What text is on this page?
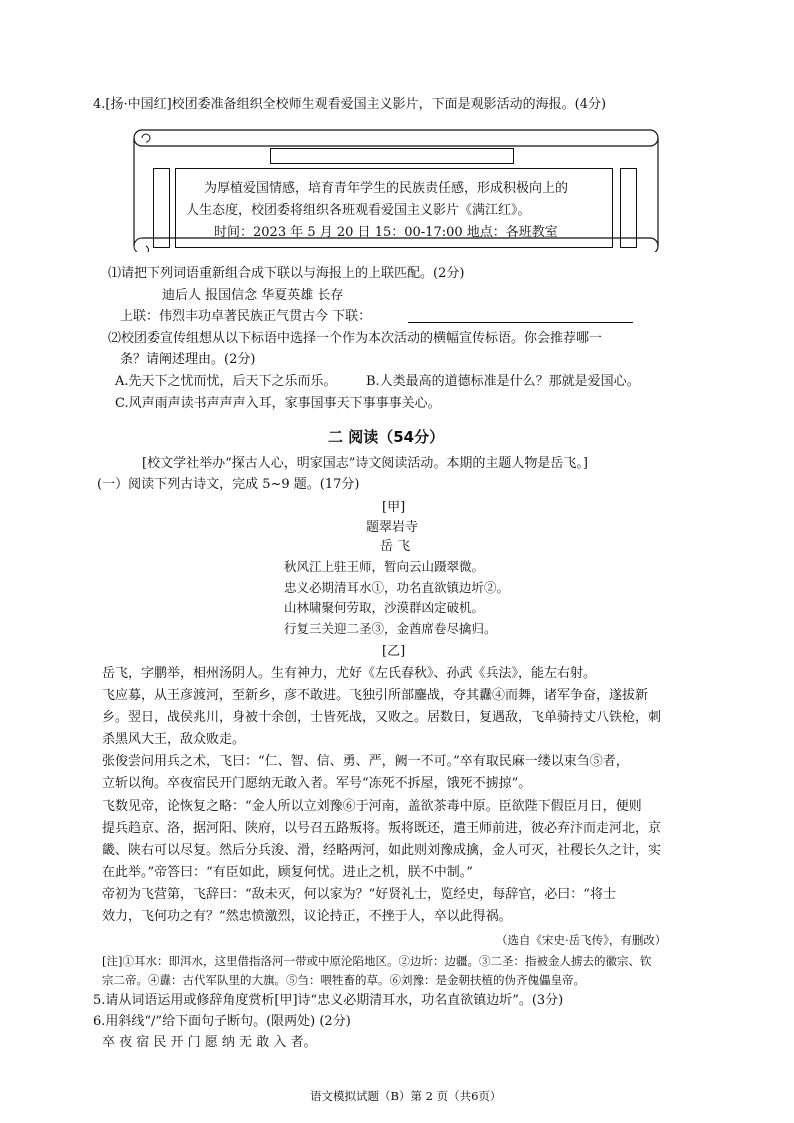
4.[扬·中国红]校团委准备组织全校师生观看爱国主义影片，下面是观影活动的海报。(4分)
为厚植爱国情感，培育青年学生的民族责任感，形成积极向上的
人生态度，校团委将组织各班观看爱国主义影片《满江红》。
时间：2023 年 5 月 20 日 15：00-17:00 地点：各班教室
⑴请把下列词语重新组合成下联以与海报上的上联匹配。(2分)
迪后人 报国信念 华夏英雄 长存
上联：伟烈丰功卓著民族正气贯古今 下联：
⑵校团委宣传组想从以下标语中选择一个作为本次活动的横幅宣传标语。你会推荐哪一
条？请阐述理由。(2分)
A.先天下之忧而忧，后天下之乐而乐。 B.人类最高的道德标准是什么？那就是爱国心。
C.风声雨声读书声声声入耳，家事国事天下事事事关心。
二 阅读（54分）
[校文学社举办“探古人心，明家国志”诗文阅读活动。本期的主题人物是岳飞。]
(一）阅读下列古诗文，完成 5~9 题。(17分)
[甲]
题翠岩寺
岳 飞
秋风江上驻王师，暂向云山蹑翠微。
忠义必期清耳水①，功名直欲镇边圻②。
山林啸聚何劳取，沙漠群凶定破机。
行复三关迎二圣③，金酋席卷尽擒归。
[乙]
岳飞，字鹏举，相州汤阴人。生有神力，尤好《左氏春秋》、孙武《兵法》，能左右射。
飞应募，从王彦渡河，至新乡，彦不敢进。飞独引所部鏖战，夺其纛④而舞，诸军争奋，遂拔新
乡。翌日，战侯兆川，身被十余创，士皆死战，又败之。居数日，复遇敌，飞单骑持丈八铁枪，刺
杀黑风大王，敌众败走。
张俊尝问用兵之术，飞曰：“仁、智、信、勇、严，阙一不可。”卒有取民麻一缕以束刍⑤者，
立斩以徇。卒夜宿民开门愿纳无敢入者。军号“冻死不拆屋，饿死不掳掠”。
飞数见帝，论恢复之略：“金人所以立刘豫⑥于河南，盖欲茶毒中原。臣欲陛下假臣月日，便则
提兵趋京、洛，据河阳、陕府，以号召五路叛将。叛将既还，遣王师前进，彼必弃汴而走河北，京
畿、陕右可以尽复。然后分兵浚、滑，经略两河，如此则刘豫成擒，金人可灭，社稷长久之计，实
在此举。”帝答曰：“有臣如此，顾复何忧。进止之机，朕不中制。”
帝初为飞营第，飞辞曰：“敌未灭，何以家为？”好贤礼士，览经史，每辞官，必曰：“将士
效力，飞何功之有？”然忠愤激烈，议论持正，不挫于人，卒以此得祸。
（选自《宋史·岳飞传》，有删改）
[注]①耳水：即洱水，这里借指洛河一带或中原沦陷地区。②边圻：边疆。③二圣：指被金人掳去的徽宗、钦
宗二帝。④纛：古代军队里的大旗。⑤刍：喂牲畜的草。⑥刘豫：是金朝扶植的伪齐傀儡皇帝。
5.请从词语运用或修辞角度赏析[甲]诗“忠义必期清耳水，功名直欲镇边圻”。(3分)
6.用斜线“/”给下面句子断句。(限两处) (2分)
卒 夜 宿 民 开 门 愿 纳 无 敢 入 者。
语文模拟试题（B）第 2 页（共6页）
